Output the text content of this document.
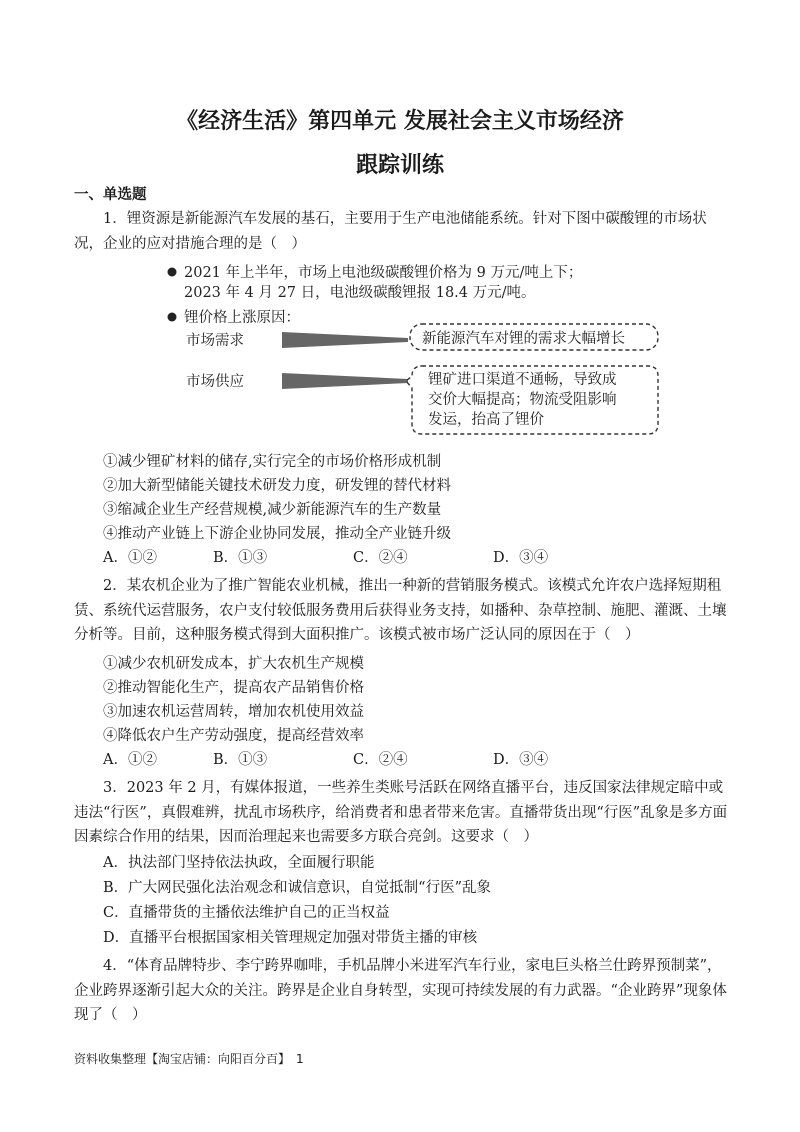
《经济生活》第四单元 发展社会主义市场经济
跟踪训练
一、单选题
1．锂资源是新能源汽车发展的基石，主要用于生产电池储能系统。针对下图中碳酸锂的市场状况，企业的应对措施合理的是（　）
2021 年上半年，市场上电池级碳酸锂价格为 9 万元/吨上下；
2023 年 4 月 27 日，电池级碳酸锂报 18.4 万元/吨。
锂价格上涨原因：
市场需求	新能源汽车对锂的需求大幅增长
市场供应	锂矿进口渠道不通畅，导致成
交价大幅提高；物流受阻影响
发运，抬高了锂价
①减少锂矿材料的储存,实行完全的市场价格形成机制
②加大新型储能关键技术研发力度，研发锂的替代材料
③缩减企业生产经营规模,减少新能源汽车的生产数量
④推动产业链上下游企业协同发展，推动全产业链升级
A．①②	B．①③	C．②④	D．③④
2．某农机企业为了推广智能农业机械，推出一种新的营销服务模式。该模式允许农户选择短期租赁、系统代运营服务，农户支付较低服务费用后获得业务支持，如播种、杂草控制、施肥、灌溉、土壤分析等。目前，这种服务模式得到大面积推广。该模式被市场广泛认同的原因在于（　）
①减少农机研发成本，扩大农机生产规模
②推动智能化生产，提高农产品销售价格
③加速农机运营周转，增加农机使用效益
④降低农户生产劳动强度，提高经营效率
A．①②	B．①③	C．②④	D．③④
3．2023 年 2 月，有媒体报道，一些养生类账号活跃在网络直播平台，违反国家法律规定暗中或违法“行医”，真假难辨，扰乱市场秩序，给消费者和患者带来危害。直播带货出现“行医”乱象是多方面因素综合作用的结果，因而治理起来也需要多方联合亮剑。这要求（　）
A．执法部门坚持依法执政，全面履行职能
B．广大网民强化法治观念和诚信意识，自觉抵制“行医”乱象
C．直播带货的主播依法维护自己的正当权益
D．直播平台根据国家相关管理规定加强对带货主播的审核
4．“体育品牌特步、李宁跨界咖啡，手机品牌小米进军汽车行业，家电巨头格兰仕跨界预制菜”，企业跨界逐渐引起大众的关注。跨界是企业自身转型，实现可持续发展的有力武器。“企业跨界”现象体现了（　）
资料收集整理【淘宝店铺：向阳百分百】　1
